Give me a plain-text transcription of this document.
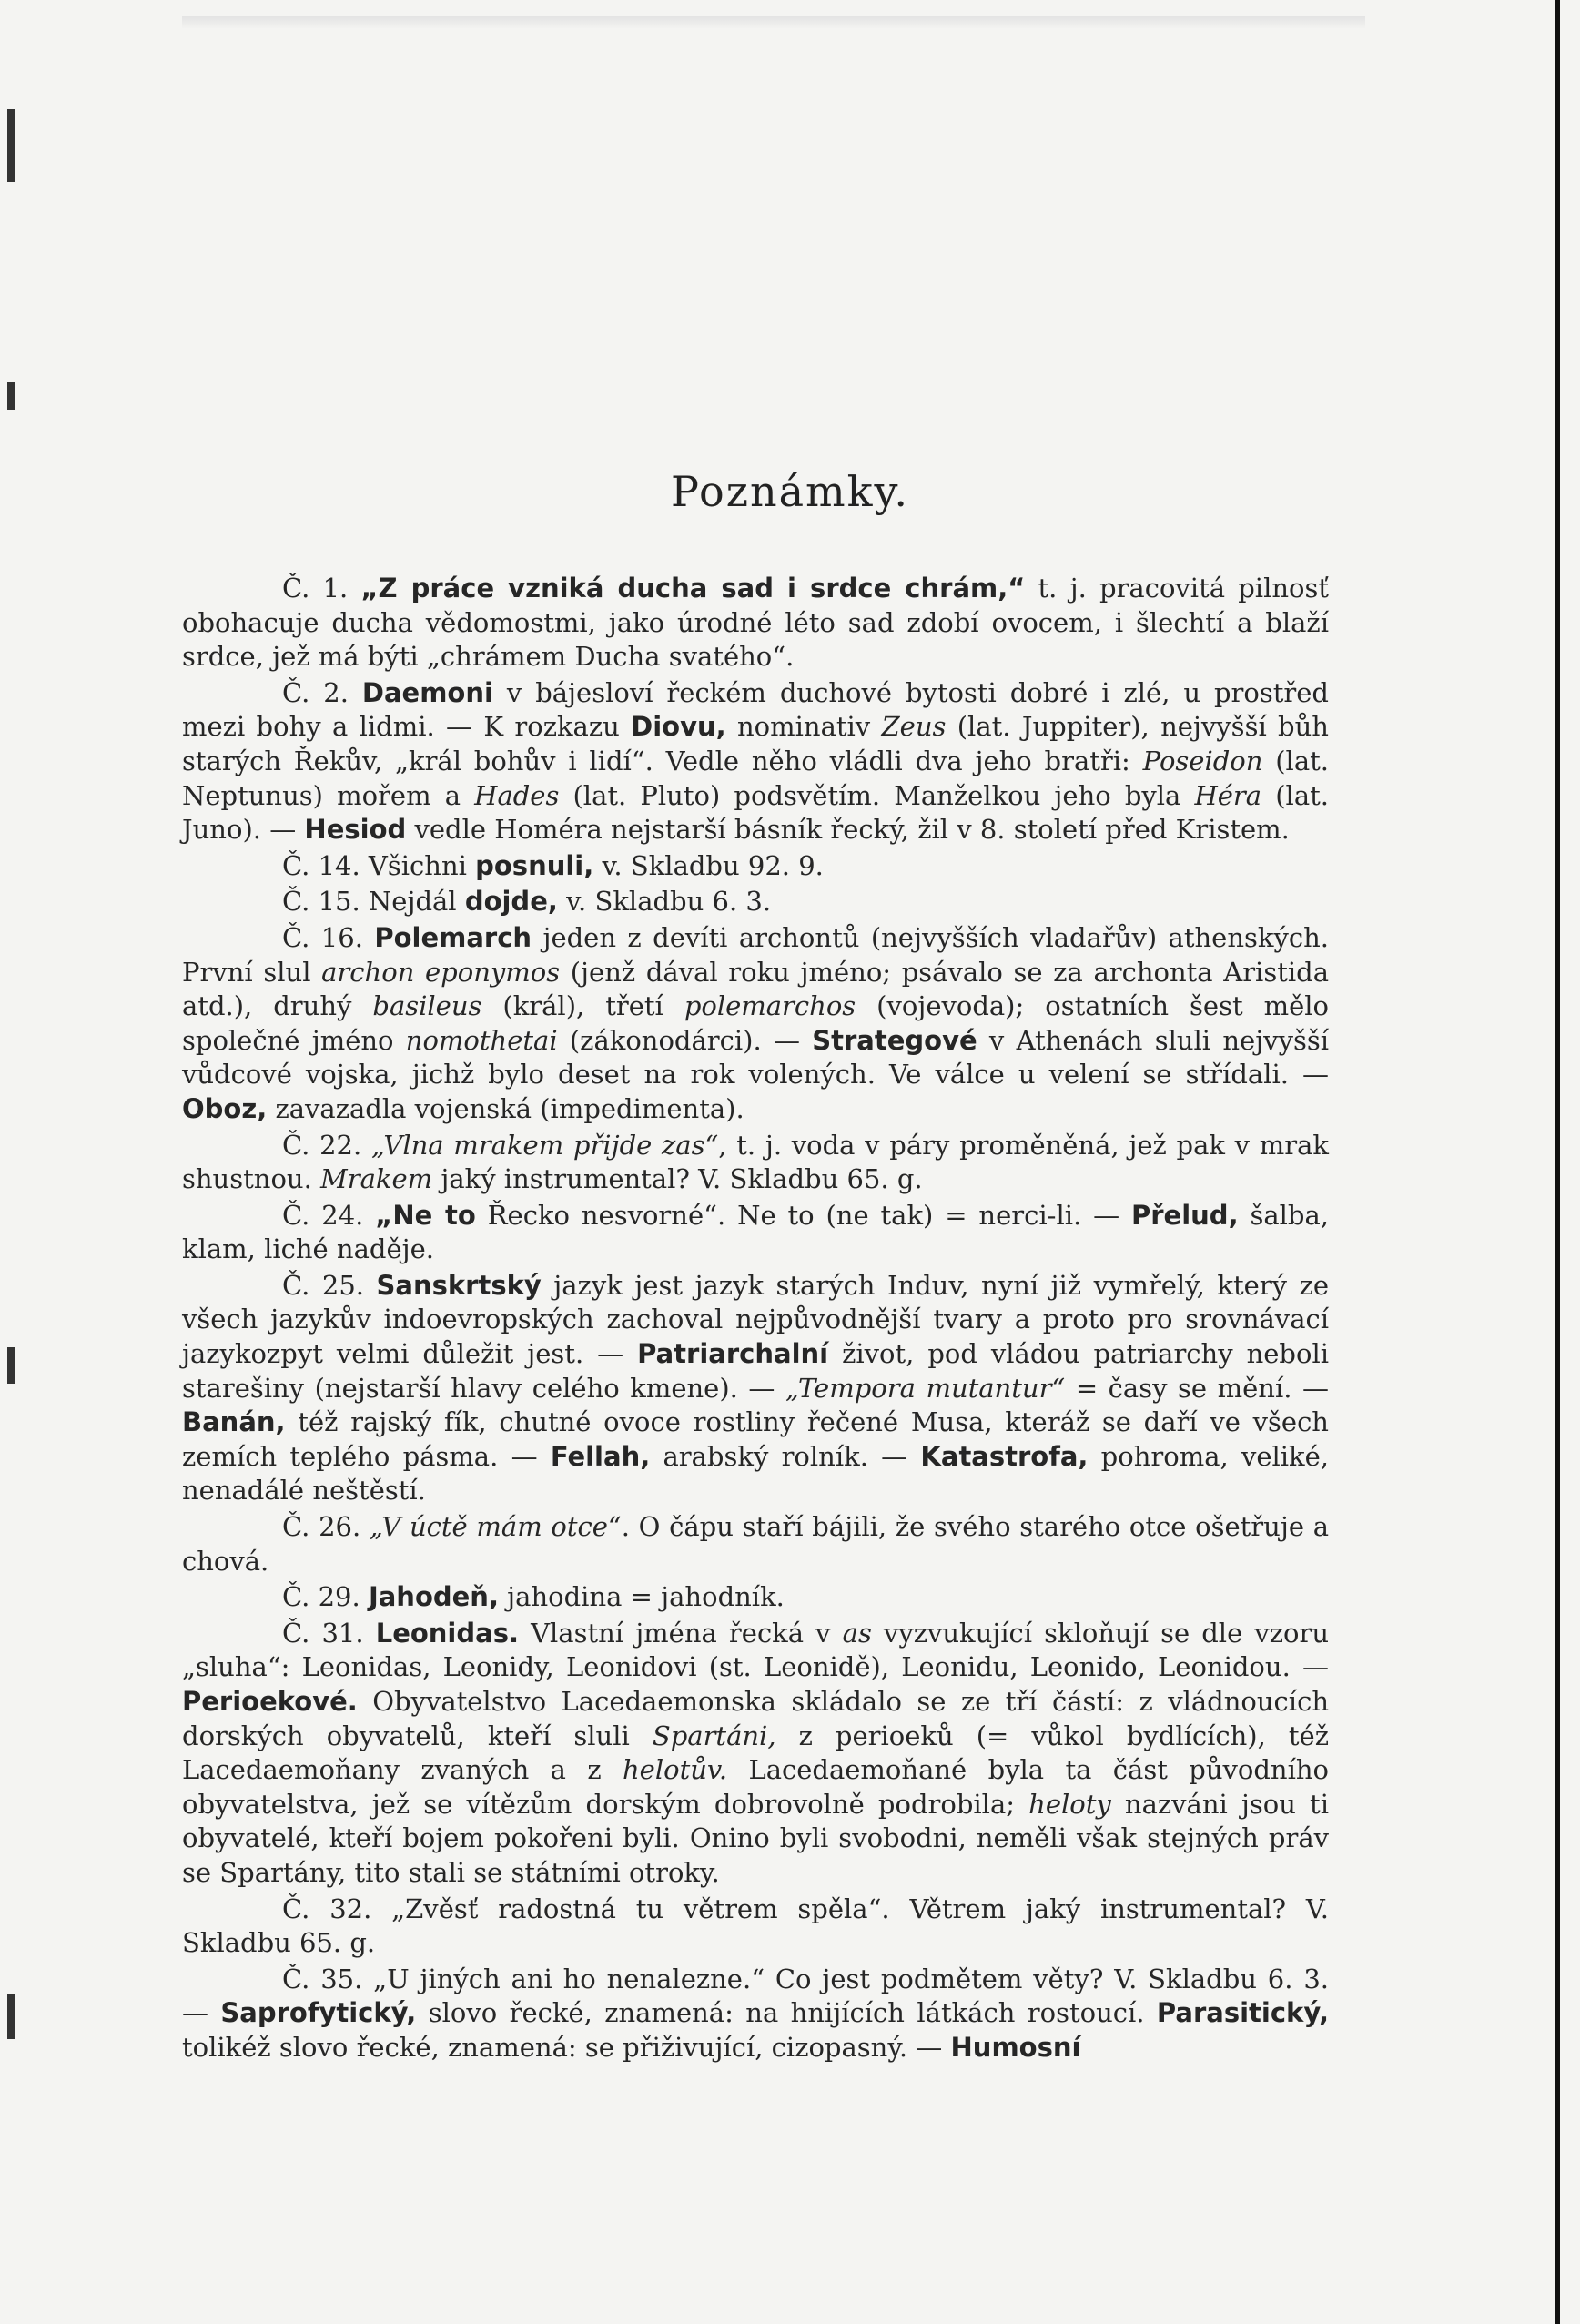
Poznámky.

Č. 1. „Z práce vzniká ducha sad i srdce chrám,“ t. j. pracovitá pilnosť obohacuje ducha vědomostmi, jako úrodné léto sad zdobí ovocem, i šlechtí a blaží srdce, jež má býti „chrámem Ducha svatého“.

Č. 2. Daemoni v bájesloví řeckém duchové bytosti dobré i zlé, u prostřed mezi bohy a lidmi. — K rozkazu Diovu, nominativ Zeus (lat. Juppiter), nejvyšší bůh starých Řekův, „král bohův i lidí“. Vedle něho vládli dva jeho bratři: Poseidon (lat. Neptunus) mořem a Hades (lat. Pluto) podsvětím. Manželkou jeho byla Héra (lat. Juno). — Hesiod vedle Homéra nejstarší básník řecký, žil v 8. století před Kristem.

Č. 14. Všichni posnuli, v. Skladbu 92. 9.

Č. 15. Nejdál dojde, v. Skladbu 6. 3.

Č. 16. Polemarch jeden z devíti archontů (nejvyšších vladařův) athenských. První slul archon eponymos (jenž dával roku jméno; psávalo se za archonta Aristida atd.), druhý basileus (král), třetí polemarchos (vojevoda); ostatních šest mělo společné jméno nomothetai (zákonodárci). — Strategové v Athenách sluli nejvyšší vůdcové vojska, jichž bylo deset na rok volených. Ve válce u velení se střídali. — Oboz, zavazadla vojenská (impedimenta).

Č. 22. „Vlna mrakem přijde zas“, t. j. voda v páry proměněná, jež pak v mrak shustnou. Mrakem jaký instrumental? V. Skladbu 65. g.

Č. 24. „Ne to Řecko nesvorné“. Ne to (ne tak) = nerci-li. — Přelud, šalba, klam, liché naděje.

Č. 25. Sanskrtský jazyk jest jazyk starých Induv, nyní již vymřelý, který ze všech jazykův indoevropských zachoval nejpůvodnější tvary a proto pro srovnávací jazykozpyt velmi důležit jest. — Patriarchalní život, pod vládou patriarchy neboli starešiny (nejstarší hlavy celého kmene). — „Tempora mutantur“ = časy se mění. — Banán, též rajský fík, chutné ovoce rostliny řečené Musa, kteráž se daří ve všech zemích teplého pásma. — Fellah, arabský rolník. — Katastrofa, pohroma, veliké, nenadálé neštěstí.

Č. 26. „V úctě mám otce“. O čápu staří bájili, že svého starého otce ošetřuje a chová.

Č. 29. Jahodeň, jahodina = jahodník.

Č. 31. Leonidas. Vlastní jména řecká v as vyzvukující skloňují se dle vzoru „sluha“: Leonidas, Leonidy, Leonidovi (st. Leonidě), Leonidu, Leonido, Leonidou. — Perioekové. Obyvatelstvo Lacedaemonska skládalo se ze tří částí: z vládnoucích dorských obyvatelů, kteří sluli Spartáni, z perioeků (= vůkol bydlících), též Lacedaemoňany zvaných a z helotův. Lacedaemoňané byla ta část původního obyvatelstva, jež se vítězům dorským dobrovolně podrobila; heloty nazváni jsou ti obyvatelé, kteří bojem pokořeni byli. Onino byli svobodni, neměli však stejných práv se Spartány, tito stali se státními otroky.

Č. 32. „Zvěsť radostná tu větrem spěla“. Větrem jaký instrumental? V. Skladbu 65. g.

Č. 35. „U jiných ani ho nenalezne.“ Co jest podmětem věty? V. Skladbu 6. 3. — Saprofytický, slovo řecké, znamená: na hnijících látkách rostoucí. Parasitický, tolikéž slovo řecké, znamená: se přiživující, cizopasný. — Humosní
